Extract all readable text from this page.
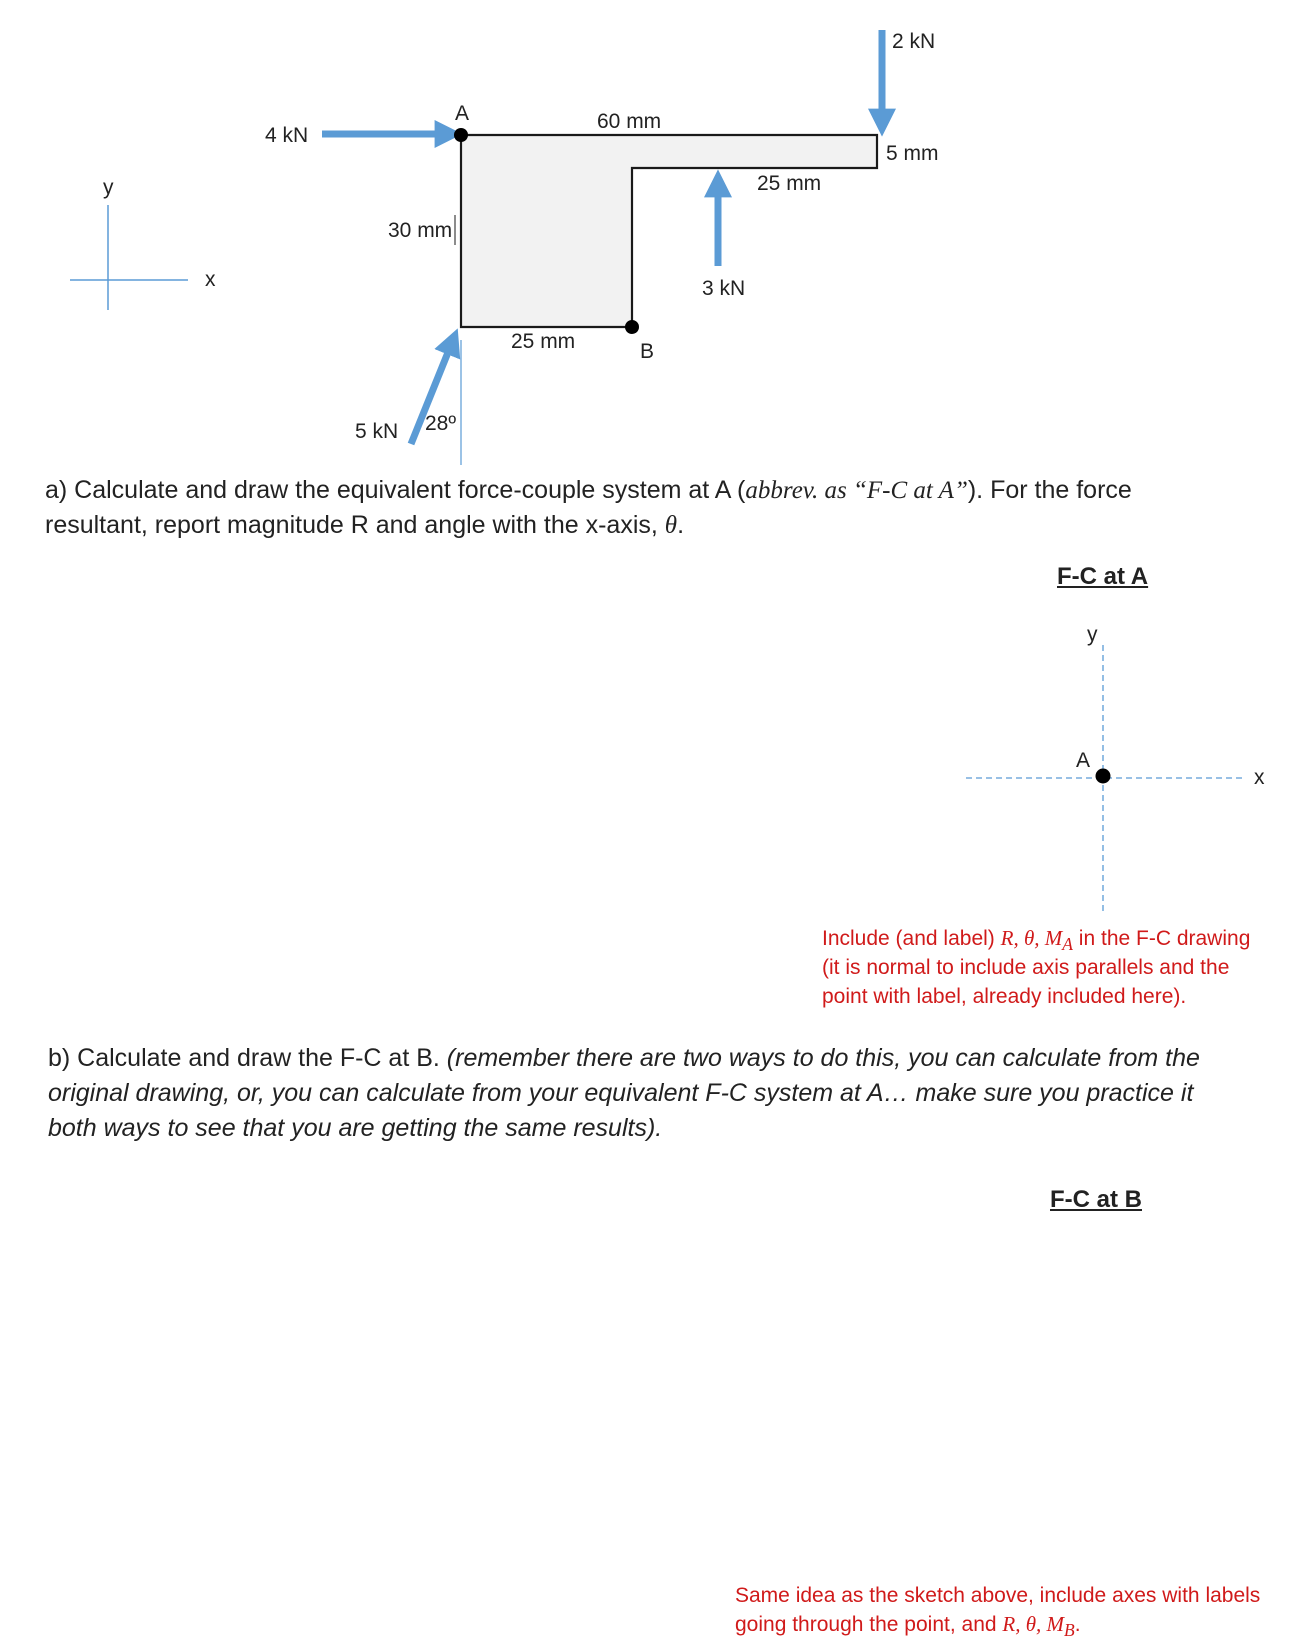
y
x
A
B
4 kN
2 kN
3 kN
5 kN 28º
60 mm
5 mm
25 mm
30 mm
25 mm
a) Calculate and draw the equivalent force-couple system at A (abbrev. as “F-C at A”). For the force
resultant, report magnitude R and angle with the x-axis, θ.
F-C at A
y
x
A
Include (and label) R, θ, $M_A$ in the F-C drawing
(it is normal to include axis parallels and the
point with label, already included here).
b) Calculate and draw the F-C at B. (remember there are two ways to do this, you can calculate from the
original drawing, or, you can calculate from your equivalent F-C system at A… make sure you practice it
both ways to see that you are getting the same results).
F-C at B
Same idea as the sketch above, include axes with labels
going through the point, and R, θ, $M_B$.
